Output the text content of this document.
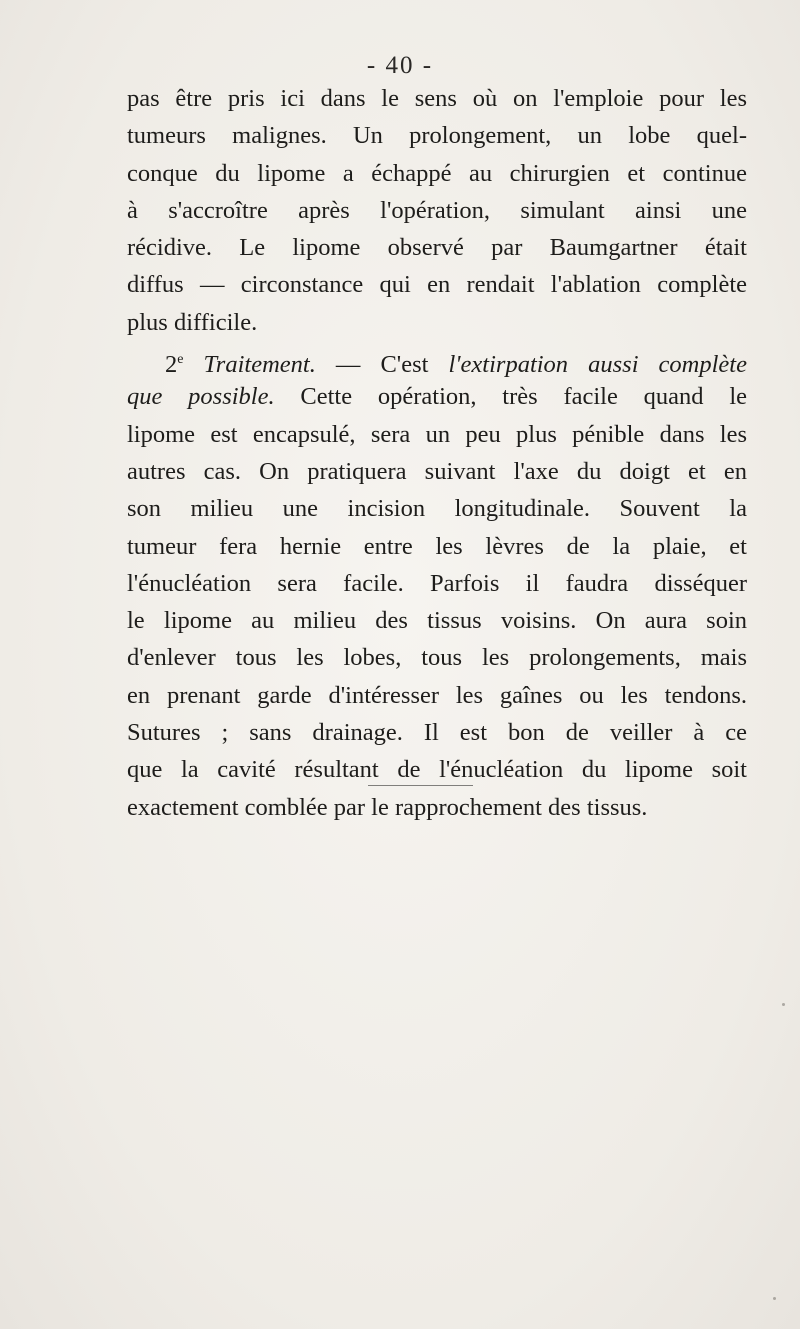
- 40 -
pas être pris ici dans le sens où on l'emploie pour les
tumeurs malignes. Un prolongement, un lobe quel-
conque du lipome a échappé au chirurgien et continue
à s'accroître après l'opération, simulant ainsi une
récidive. Le lipome observé par Baumgartner était
diffus — circonstance qui en rendait l'ablation complète
plus difficile.
2e Traitement. — C'est l'extirpation aussi complète
que possible. Cette opération, très facile quand le
lipome est encapsulé, sera un peu plus pénible dans les
autres cas. On pratiquera suivant l'axe du doigt et en
son milieu une incision longitudinale. Souvent la
tumeur fera hernie entre les lèvres de la plaie, et
l'énucléation sera facile. Parfois il faudra disséquer
le lipome au milieu des tissus voisins. On aura soin
d'enlever tous les lobes, tous les prolongements, mais
en prenant garde d'intéresser les gaînes ou les tendons.
Sutures ; sans drainage. Il est bon de veiller à ce
que la cavité résultant de l'énucléation du lipome soit
exactement comblée par le rapprochement des tissus.
